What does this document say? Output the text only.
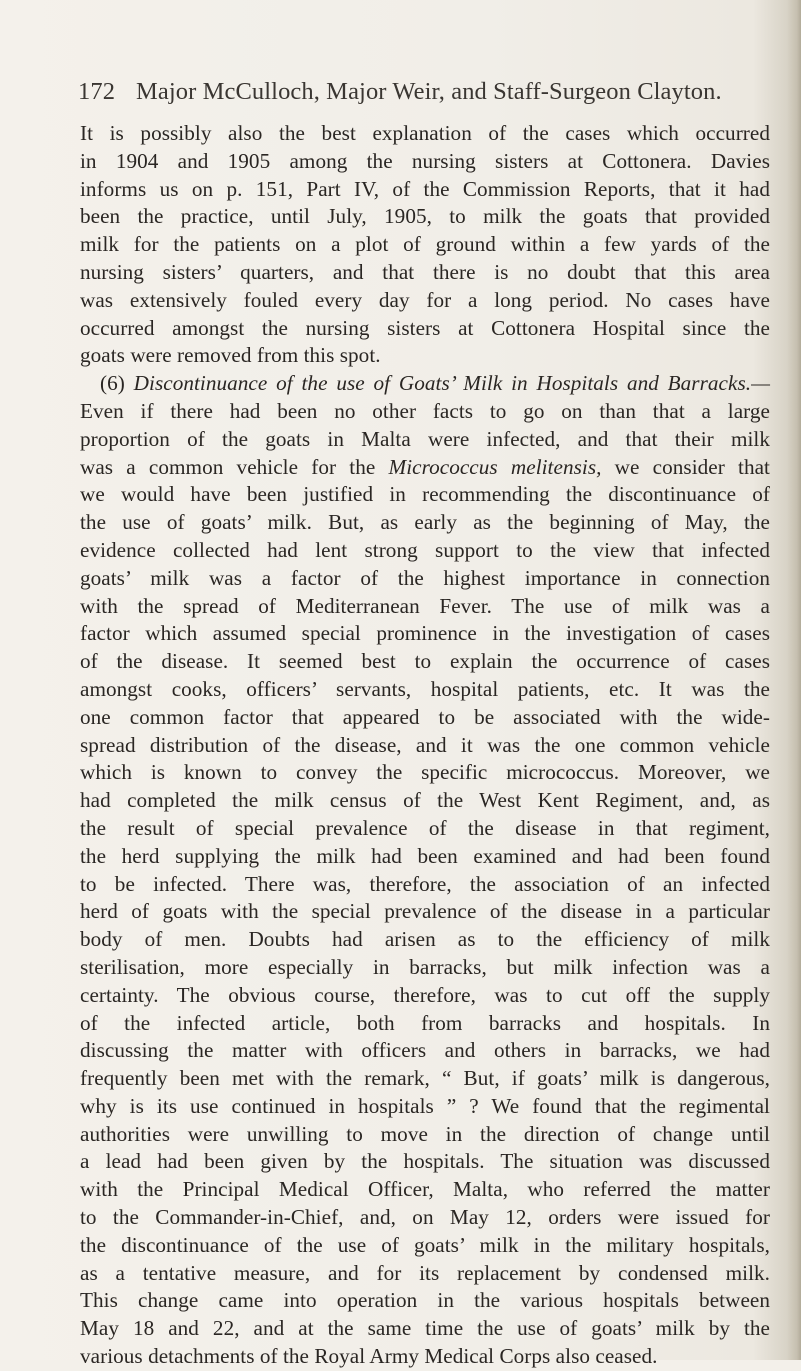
172 Major McCulloch, Major Weir, and Staff-Surgeon Clayton.
It is possibly also the best explanation of the cases which occurred
in 1904 and 1905 among the nursing sisters at Cottonera. Davies
informs us on p. 151, Part IV, of the Commission Reports, that it had
been the practice, until July, 1905, to milk the goats that provided
milk for the patients on a plot of ground within a few yards of the
nursing sisters’ quarters, and that there is no doubt that this area
was extensively fouled every day for a long period. No cases have
occurred amongst the nursing sisters at Cottonera Hospital since the
goats were removed from this spot.
(6) Discontinuance of the use of Goats’ Milk in Hospitals and Barracks.—
Even if there had been no other facts to go on than that a large
proportion of the goats in Malta were infected, and that their milk
was a common vehicle for the Micrococcus melitensis, we consider that
we would have been justified in recommending the discontinuance of
the use of goats’ milk. But, as early as the beginning of May, the
evidence collected had lent strong support to the view that infected
goats’ milk was a factor of the highest importance in connection
with the spread of Mediterranean Fever. The use of milk was a
factor which assumed special prominence in the investigation of cases
of the disease. It seemed best to explain the occurrence of cases
amongst cooks, officers’ servants, hospital patients, etc. It was the
one common factor that appeared to be associated with the wide-
spread distribution of the disease, and it was the one common vehicle
which is known to convey the specific micrococcus. Moreover, we
had completed the milk census of the West Kent Regiment, and, as
the result of special prevalence of the disease in that regiment,
the herd supplying the milk had been examined and had been found
to be infected. There was, therefore, the association of an infected
herd of goats with the special prevalence of the disease in a particular
body of men. Doubts had arisen as to the efficiency of milk
sterilisation, more especially in barracks, but milk infection was a
certainty. The obvious course, therefore, was to cut off the supply
of the infected article, both from barracks and hospitals. In
discussing the matter with officers and others in barracks, we had
frequently been met with the remark, “ But, if goats’ milk is dangerous,
why is its use continued in hospitals ” ? We found that the regimental
authorities were unwilling to move in the direction of change until
a lead had been given by the hospitals. The situation was discussed
with the Principal Medical Officer, Malta, who referred the matter
to the Commander-in-Chief, and, on May 12, orders were issued for
the discontinuance of the use of goats’ milk in the military hospitals,
as a tentative measure, and for its replacement by condensed milk.
This change came into operation in the various hospitals between
May 18 and 22, and at the same time the use of goats’ milk by the
various detachments of the Royal Army Medical Corps also ceased.
